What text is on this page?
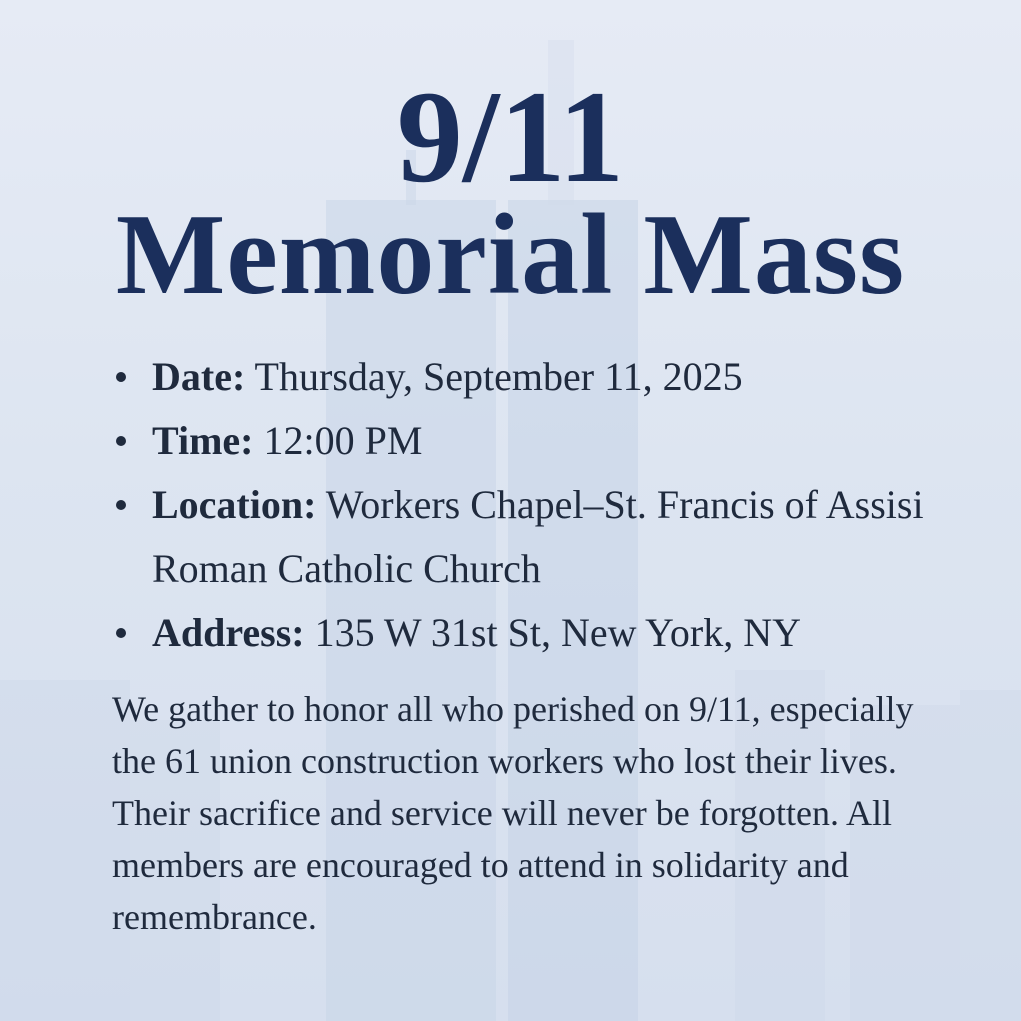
9/11
Memorial Mass
Date: Thursday, September 11, 2025
Time: 12:00 PM
Location: Workers Chapel–St. Francis of Assisi Roman Catholic Church
Address: 135 W 31st St, New York, NY

We gather to honor all who perished on 9/11, especially the 61 union construction workers who lost their lives. Their sacrifice and service will never be forgotten. All members are encouraged to attend in solidarity and remembrance.
